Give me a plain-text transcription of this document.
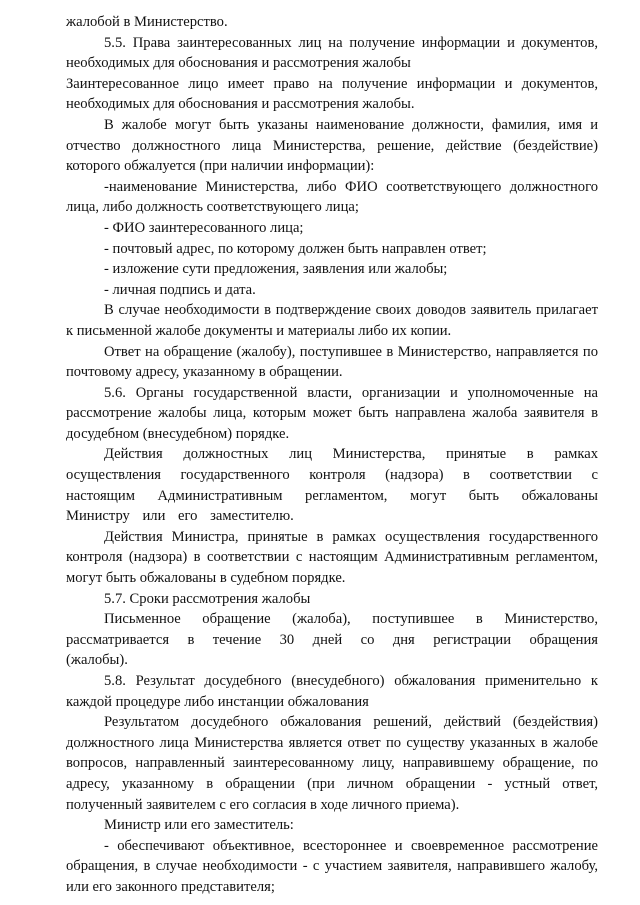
жалобой в Министерство.

5.5. Права заинтересованных лиц на получение информации и документов, необходимых для обоснования и рассмотрения жалобы

Заинтересованное лицо имеет право на получение информации и документов, необходимых для обоснования и рассмотрения жалобы.

В жалобе могут быть указаны наименование должности, фамилия, имя и отчество должностного лица Министерства, решение, действие (бездействие) которого обжалуется (при наличии информации):

-наименование Министерства, либо ФИО соответствующего должностного лица, либо должность соответствующего лица;

- ФИО заинтересованного лица;

- почтовый адрес, по которому должен быть направлен ответ;

- изложение сути предложения, заявления или жалобы;

- личная подпись и дата.

В случае необходимости в подтверждение своих доводов заявитель прилагает к письменной жалобе документы и материалы либо их копии.

Ответ на обращение (жалобу), поступившее в Министерство, направляется по почтовому адресу, указанному в обращении.

5.6. Органы государственной власти, организации и уполномоченные на рассмотрение жалобы лица, которым может быть направлена жалоба заявителя в досудебном (внесудебном) порядке.

Действия должностных лиц Министерства, принятые в рамках осуществления государственного контроля (надзора) в соответствии с настоящим Административным регламентом, могут быть обжалованы Министру или его заместителю.

Действия Министра, принятые в рамках осуществления государственного контроля (надзора) в соответствии с настоящим Административным регламентом, могут быть обжалованы в судебном порядке.

5.7. Сроки рассмотрения жалобы

Письменное обращение (жалоба), поступившее в Министерство, рассматривается в течение 30 дней со дня регистрации обращения (жалобы).

5.8. Результат досудебного (внесудебного) обжалования применительно к каждой процедуре либо инстанции обжалования

Результатом досудебного обжалования решений, действий (бездействия) должностного лица Министерства является ответ по существу указанных в жалобе вопросов, направленный заинтересованному лицу, направившему обращение, по адресу, указанному в обращении (при личном обращении - устный ответ, полученный заявителем с его согласия в ходе личного приема).

Министр или его заместитель:

- обеспечивают объективное, всестороннее и своевременное рассмотрение обращения, в случае необходимости - с участием заявителя, направившего жалобу, или его законного представителя;
